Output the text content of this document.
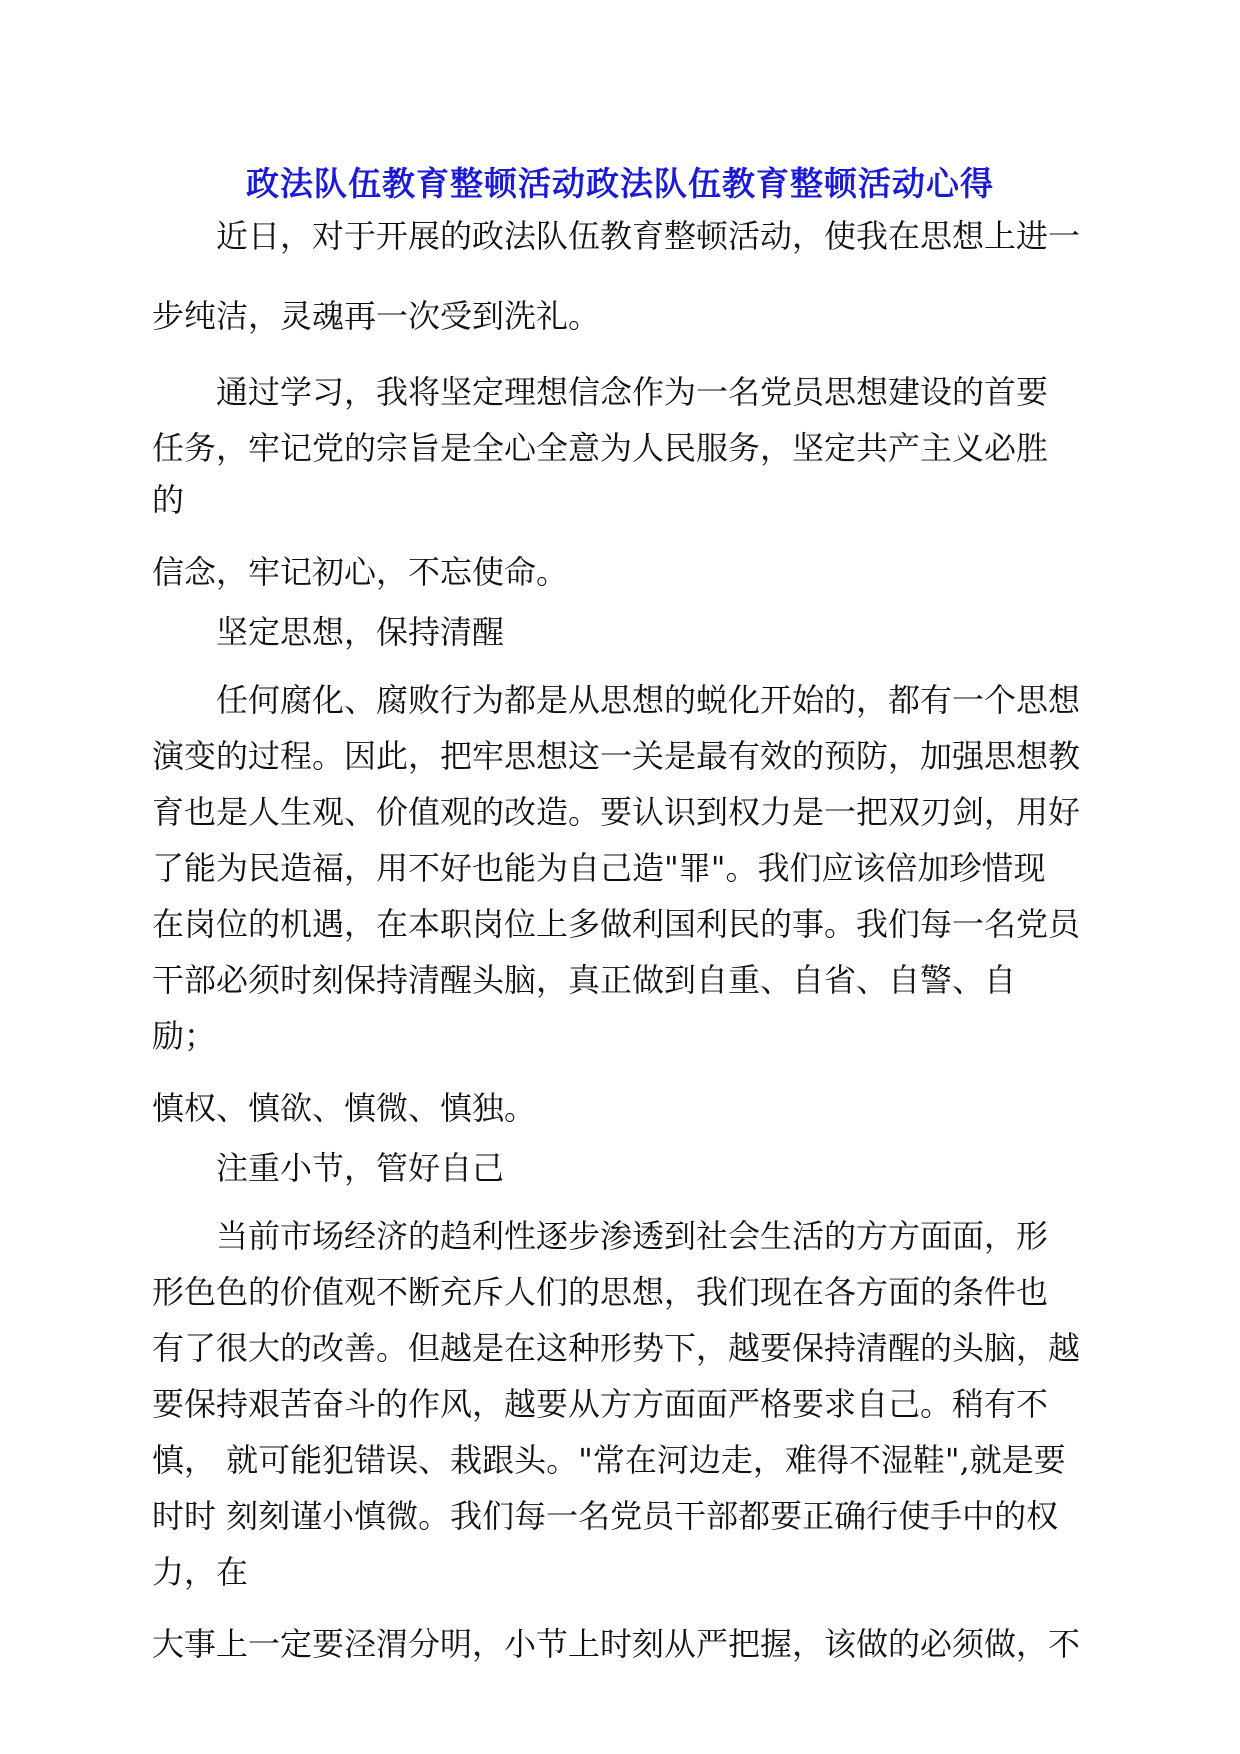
政法队伍教育整顿活动政法队伍教育整顿活动心得
近日，对于开展的政法队伍教育整顿活动，使我在思想上进一
步纯洁，灵魂再一次受到洗礼。
通过学习，我将坚定理想信念作为一名党员思想建设的首要
任务，牢记党的宗旨是全心全意为人民服务，坚定共产主义必胜
的
信念，牢记初心，不忘使命。
坚定思想，保持清醒
任何腐化、腐败行为都是从思想的蜕化开始的，都有一个思想
演变的过程。因此，把牢思想这一关是最有效的预防，加强思想教
育也是人生观、价值观的改造。要认识到权力是一把双刃剑，用好
了能为民造福，用不好也能为自己造"罪"。我们应该倍加珍惜现
在岗位的机遇，在本职岗位上多做利国利民的事。我们每一名党员
干部必须时刻保持清醒头脑，真正做到自重、自省、自警、自
励；
慎权、慎欲、慎微、慎独。
注重小节，管好自己
当前市场经济的趋利性逐步渗透到社会生活的方方面面，形
形色色的价值观不断充斥人们的思想，我们现在各方面的条件也
有了很大的改善。但越是在这种形势下，越要保持清醒的头脑，越
要保持艰苦奋斗的作风，越要从方方面面严格要求自己。稍有不
慎， 就可能犯错误、栽跟头。"常在河边走，难得不湿鞋",就是要
时时 刻刻谨小慎微。我们每一名党员干部都要正确行使手中的权
力，在
大事上一定要泾渭分明，小节上时刻从严把握，该做的必须做，不
